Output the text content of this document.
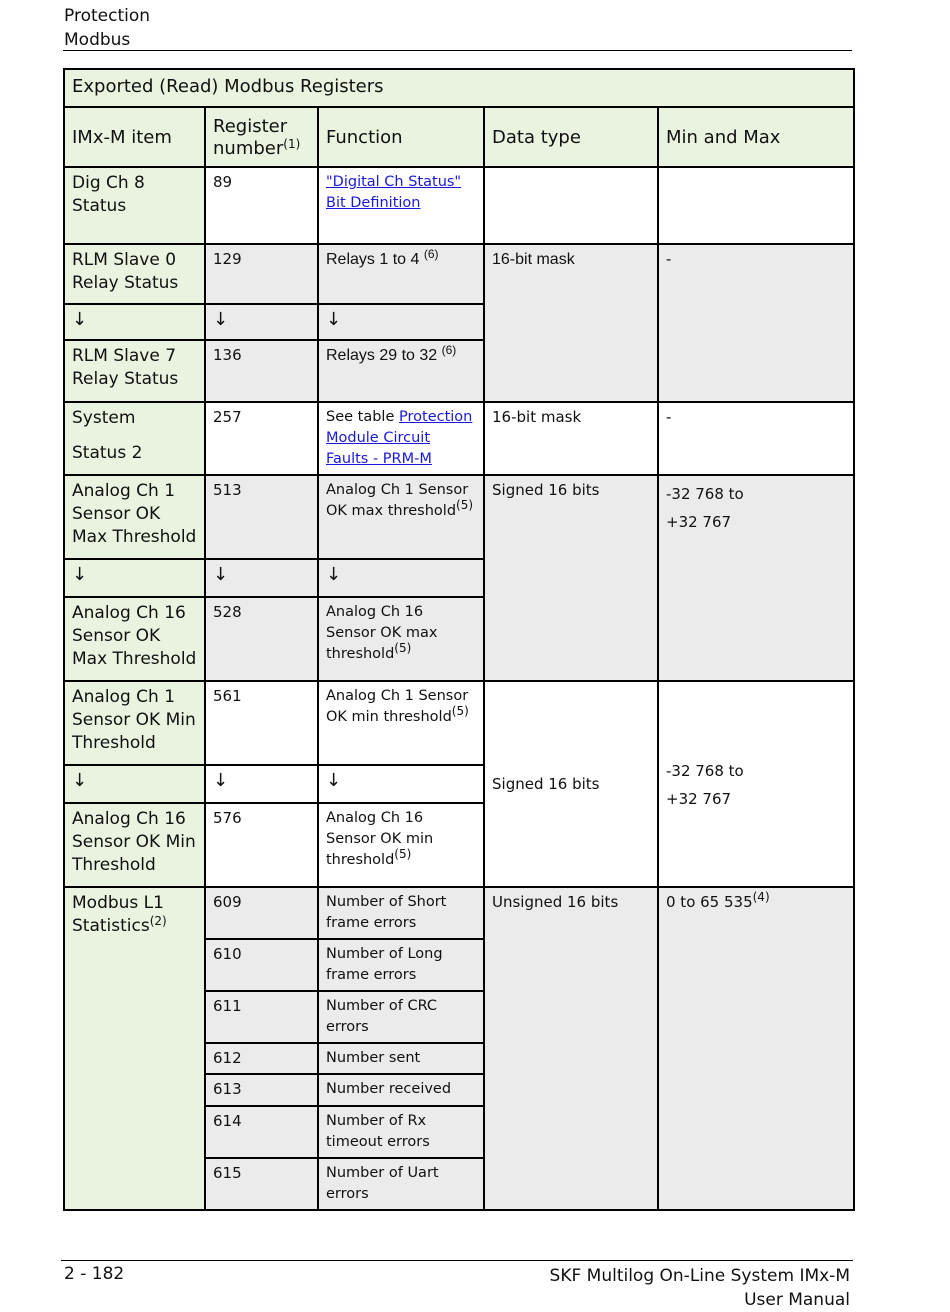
Protection
Modbus
Exported (Read) Modbus Registers				
IMx-M item	Register number$^{(1)}$	Function	Data type	Min and Max
Dig Ch 8 Status	89	"Digital Ch Status" Bit Definition		
RLM Slave 0 Relay Status	129	Relays 1 to 4 $^{(6)}$	16-bit mask	-
↓	↓	↓		
RLM Slave 7 Relay Status	136	Relays 29 to 32 $^{(6)}$
System
Status 2	257	See table Protection Module Circuit Faults - PRM-M	16-bit mask	-
Analog Ch 1 Sensor OK Max Threshold	513	Analog Ch 1 Sensor OK max threshold$^{(5)}$	Signed 16 bits	-32 768 to
+32 767

↓	↓	↓		
Analog Ch 16 Sensor OK Max Threshold	528	Analog Ch 16 Sensor OK max threshold$^{(5)}$
Analog Ch 1 Sensor OK Min Threshold	561	Analog Ch 1 Sensor OK min threshold$^{(5)}$	Signed 16 bits	-32 768 to
+32 767

↓	↓	↓		
Analog Ch 16 Sensor OK Min Threshold	576	Analog Ch 16 Sensor OK min threshold$^{(5)}$
Modbus L1 Statistics$^{(2)}$	609	Number of Short frame errors	Unsigned 16 bits	0 to 65 535$^{(4)}$
	610	Number of Long frame errors		
	611	Number of CRC errors		
	612	Number sent		
	613	Number received		
	614	Number of Rx timeout errors		
	615	Number of Uart errors		
2 - 182	SKF Multilog On-Line System IMx-M
User Manual
